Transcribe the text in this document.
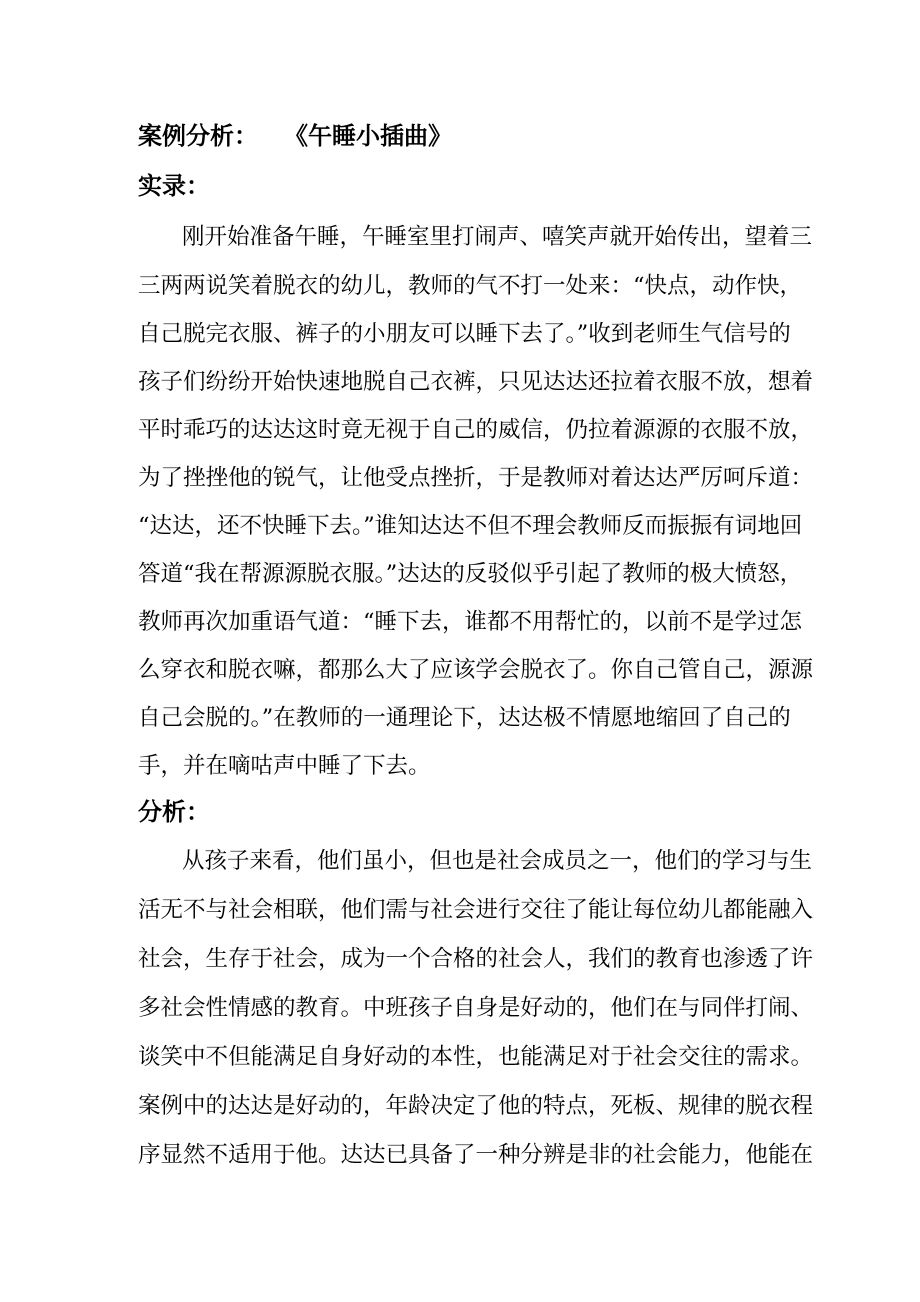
案例分析： 《午睡小插曲》
实录：
刚开始准备午睡，午睡室里打闹声、嘻笑声就开始传出，望着三
三两两说笑着脱衣的幼儿，教师的气不打一处来：“快点，动作快，
自己脱完衣服、裤子的小朋友可以睡下去了。”收到老师生气信号的
孩子们纷纷开始快速地脱自己衣裤，只见达达还拉着衣服不放，想着
平时乖巧的达达这时竟无视于自己的威信，仍拉着源源的衣服不放，
为了挫挫他的锐气，让他受点挫折，于是教师对着达达严厉呵斥道：
“达达，还不快睡下去。”谁知达达不但不理会教师反而振振有词地回
答道“我在帮源源脱衣服。”达达的反驳似乎引起了教师的极大愤怒，
教师再次加重语气道：“睡下去，谁都不用帮忙的，以前不是学过怎
么穿衣和脱衣嘛，都那么大了应该学会脱衣了。你自己管自己，源源
自己会脱的。”在教师的一通理论下，达达极不情愿地缩回了自己的
手，并在嘀咕声中睡了下去。
分析：
从孩子来看，他们虽小，但也是社会成员之一，他们的学习与生
活无不与社会相联，他们需与社会进行交往了能让每位幼儿都能融入
社会，生存于社会，成为一个合格的社会人，我们的教育也渗透了许
多社会性情感的教育。中班孩子自身是好动的，他们在与同伴打闹、
谈笑中不但能满足自身好动的本性，也能满足对于社会交往的需求。
案例中的达达是好动的，年龄决定了他的特点，死板、规律的脱衣程
序显然不适用于他。达达已具备了一种分辨是非的社会能力，他能在
